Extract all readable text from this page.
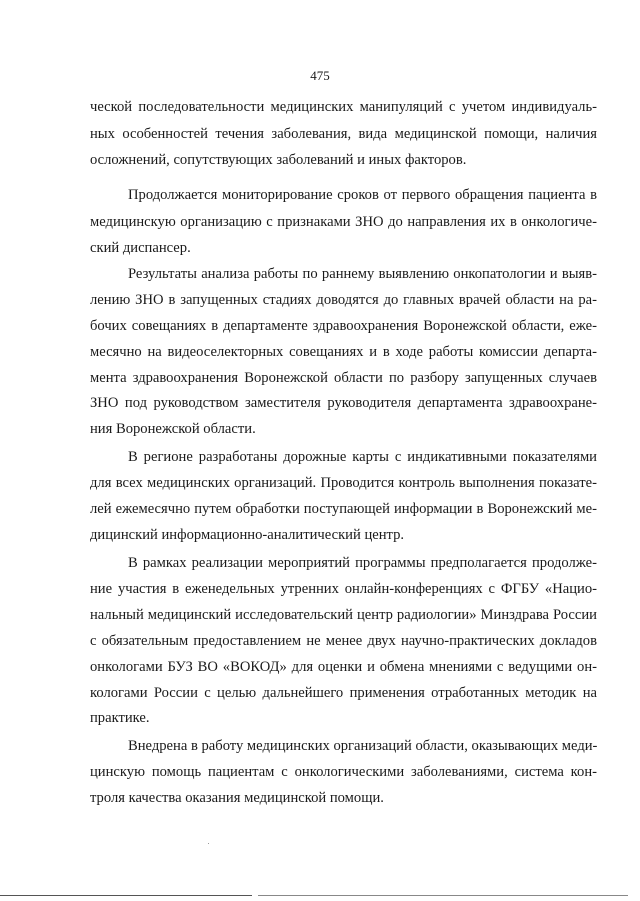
475
ческой последовательности медицинских манипуляций с учетом индивидуаль-
ных особенностей течения заболевания, вида медицинской помощи, наличия
осложнений, сопутствующих заболеваний и иных факторов.
Продолжается мониторирование сроков от первого обращения пациента в
медицинскую организацию с признаками ЗНО до направления их в онкологиче-
ский диспансер.
Результаты анализа работы по раннему выявлению онкопатологии и выяв-
лению ЗНО в запущенных стадиях доводятся до главных врачей области на ра-
бочих совещаниях в департаменте здравоохранения Воронежской области, еже-
месячно на видеоселекторных совещаниях и в ходе работы комиссии департа-
мента здравоохранения Воронежской области по разбору запущенных случаев
ЗНО под руководством заместителя руководителя департамента здравоохране-
ния Воронежской области.
В регионе разработаны дорожные карты с индикативными показателями
для всех медицинских организаций. Проводится контроль выполнения показате-
лей ежемесячно путем обработки поступающей информации в Воронежский ме-
дицинский информационно-аналитический центр.
В рамках реализации мероприятий программы предполагается продолже-
ние участия в еженедельных утренних онлайн-конференциях с ФГБУ «Нацио-
нальный медицинский исследовательский центр радиологии» Минздрава России
с обязательным предоставлением не менее двух научно-практических докладов
онкологами БУЗ ВО «ВОКОД» для оценки и обмена мнениями с ведущими он-
кологами России с целью дальнейшего применения отработанных методик на
практике.
Внедрена в работу медицинских организаций области, оказывающих меди-
цинскую помощь пациентам с онкологическими заболеваниями, система кон-
троля качества оказания медицинской помощи.
